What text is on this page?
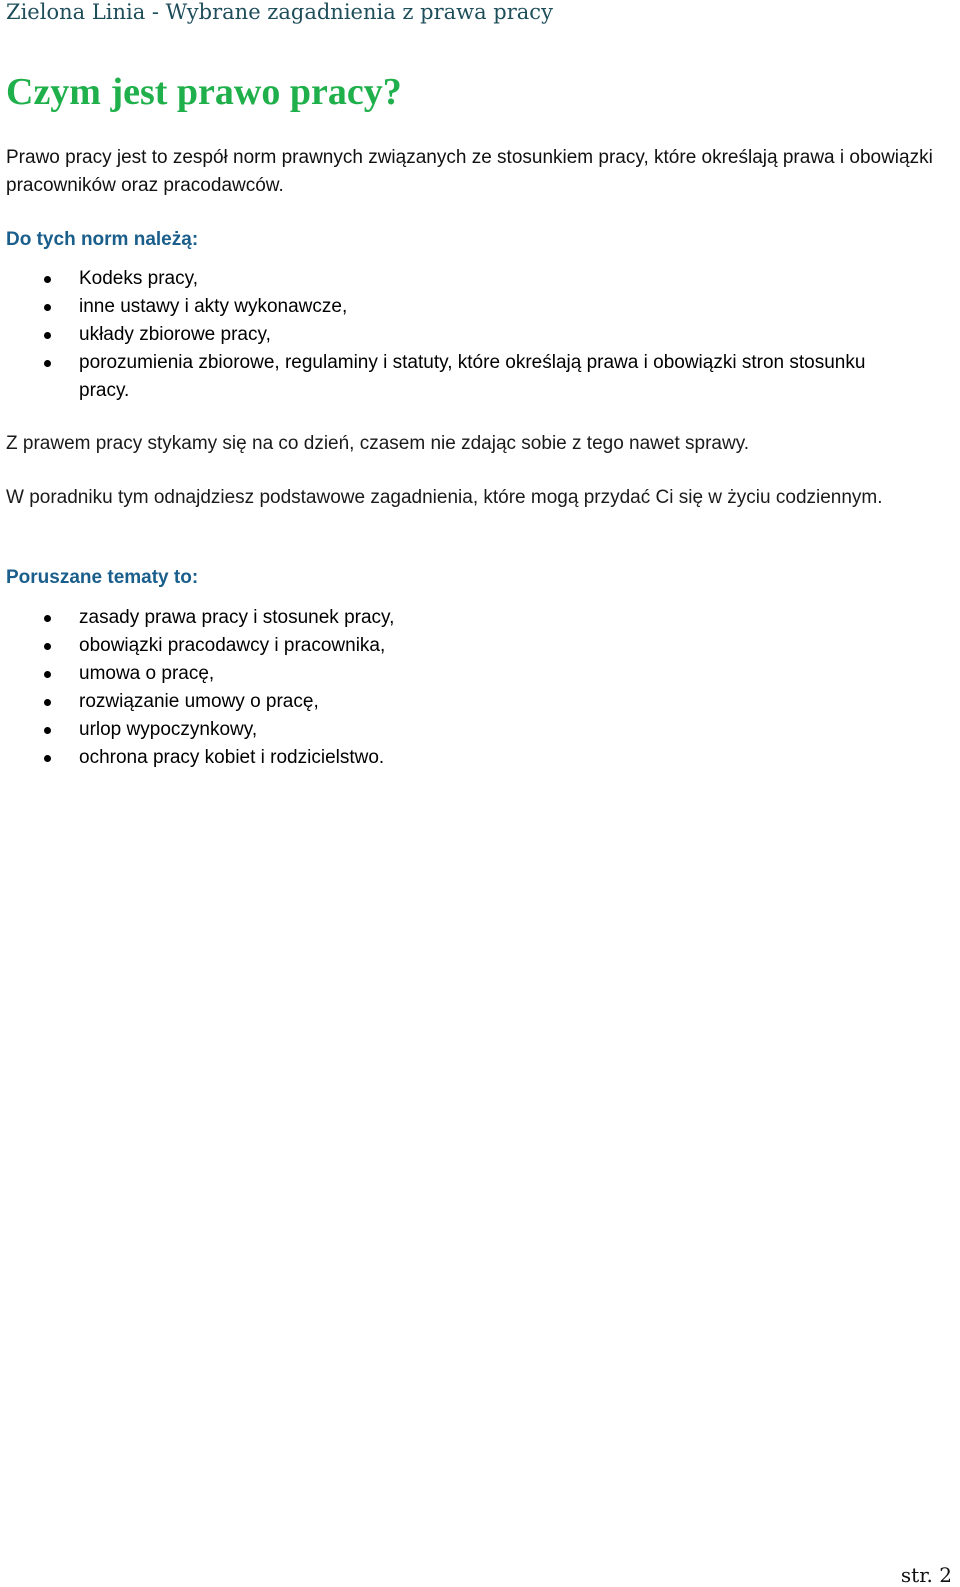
Zielona Linia - Wybrane zagadnienia z prawa pracy
Czym jest prawo pracy?

Prawo pracy jest to zespół norm prawnych związanych ze stosunkiem pracy, które określają prawa i obowiązki pracowników oraz pracodawców.

Do tych norm należą:

Kodeks pracy,
inne ustawy i akty wykonawcze,
układy zbiorowe pracy,
porozumienia zbiorowe, regulaminy i statuty, które określają prawa i obowiązki stron stosunku pracy.

Z prawem pracy stykamy się na co dzień, czasem nie zdając sobie z tego nawet sprawy.

W poradniku tym odnajdziesz podstawowe zagadnienia, które mogą przydać Ci się w życiu codziennym.

Poruszane tematy to:

zasady prawa pracy i stosunek pracy,
obowiązki pracodawcy i pracownika,
umowa o pracę,
rozwiązanie umowy o pracę,
urlop wypoczynkowy,
ochrona pracy kobiet i rodzicielstwo.
str. 2
